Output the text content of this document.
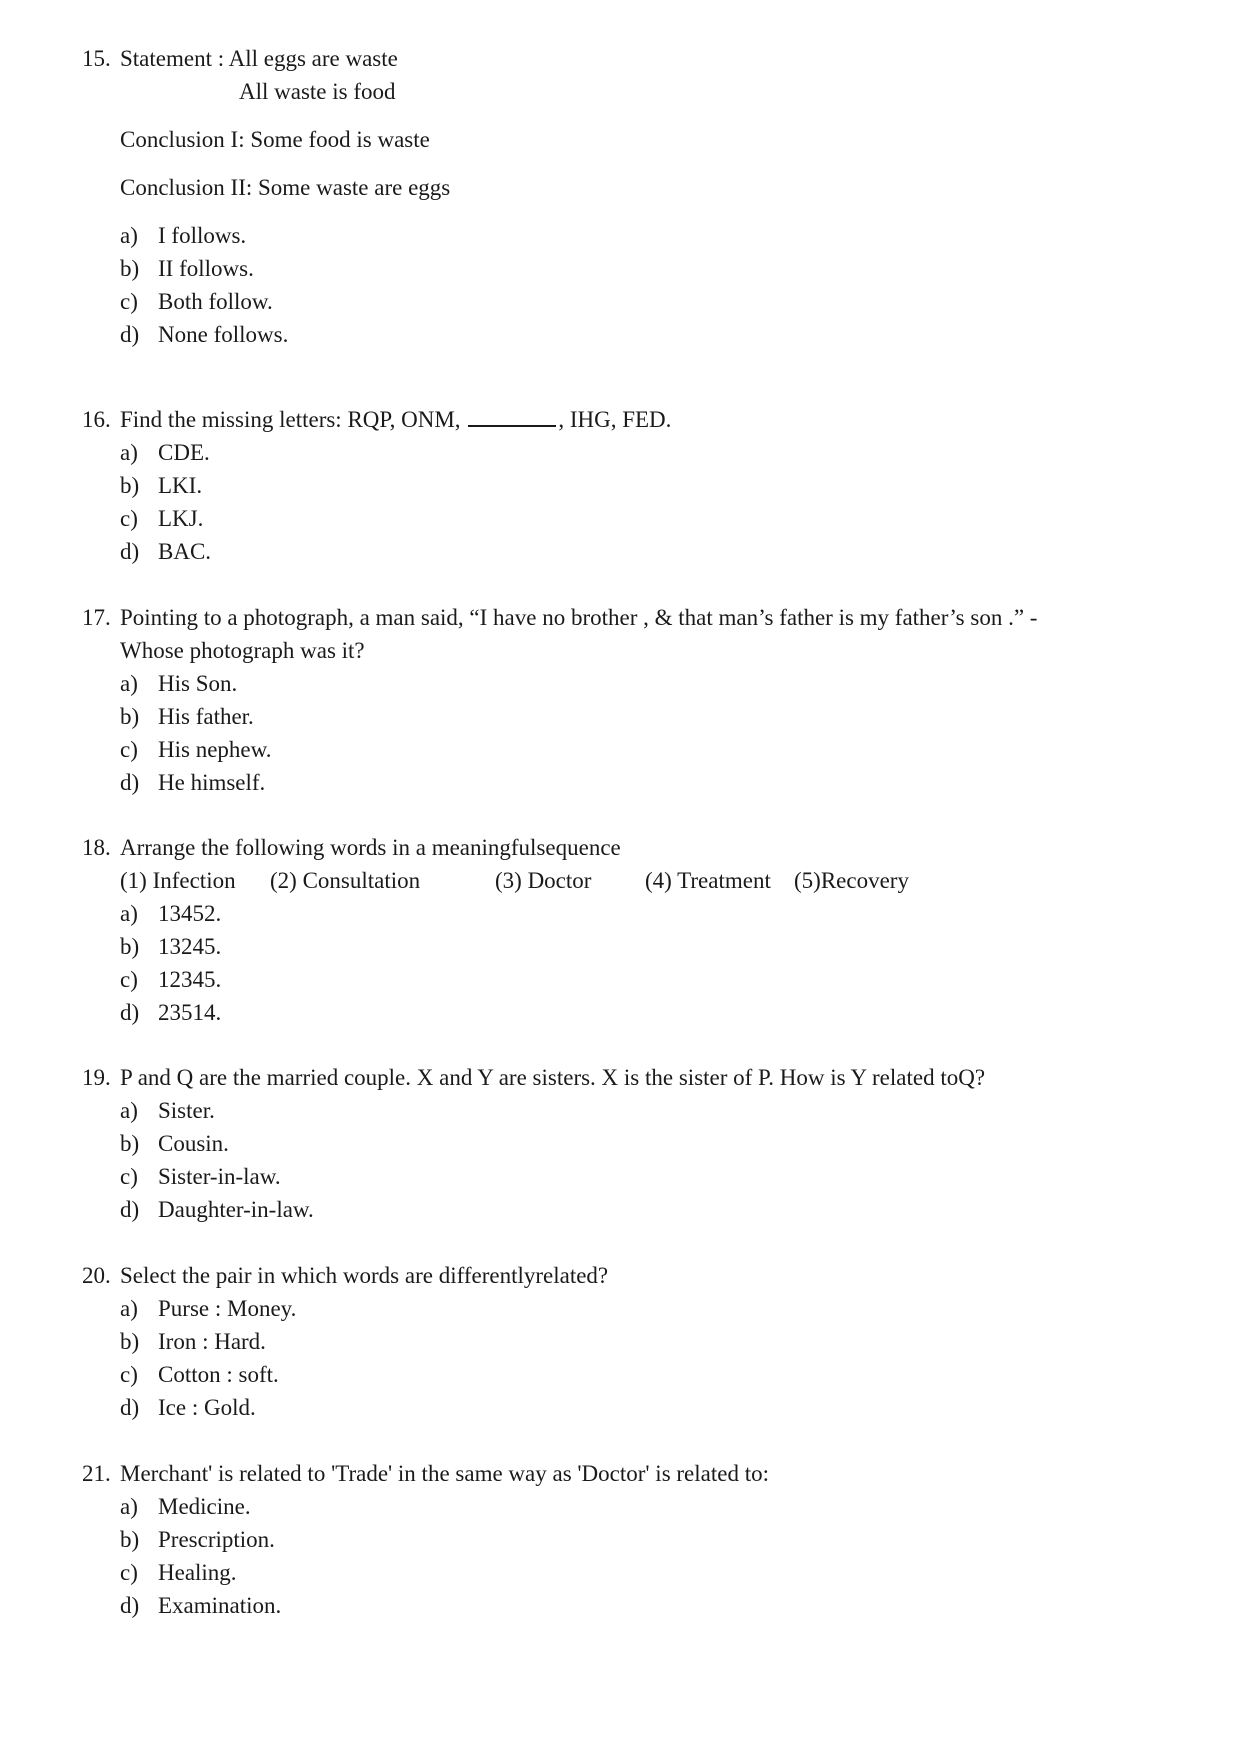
15. Statement : All eggs are waste
All waste is food
Conclusion I: Some food is waste
Conclusion II: Some waste are eggs
a) I follows.
b) II follows.
c) Both follow.
d) None follows.
16. Find the missing letters: RQP, ONM,	, IHG, FED.
a) CDE.
b) LKI.
c) LKJ.
d) BAC.
17. Pointing to a photograph, a man said, “I have no brother , & that man’s father is my father’s son .” -
Whose photograph was it?
a) His Son.
b) His father.
c) His nephew.
d) He himself.
18. Arrange the following words in a meaningfulsequence
(1) Infection (2) Consultation	(3) Doctor (4) Treatment (5)Recovery
a) 13452.
b) 13245.
c) 12345.
d) 23514.
19. P and Q are the married couple. X and Y are sisters. X is the sister of P. How is Y related toQ?
a) Sister.
b) Cousin.
c) Sister-in-law.
d) Daughter-in-law.
20. Select the pair in which words are differentlyrelated?
a) Purse : Money.
b) Iron : Hard.
c) Cotton : soft.
d) Ice : Gold.
21. Merchant' is related to 'Trade' in the same way as 'Doctor' is related to:
a) Medicine.
b) Prescription.
c) Healing.
d) Examination.
